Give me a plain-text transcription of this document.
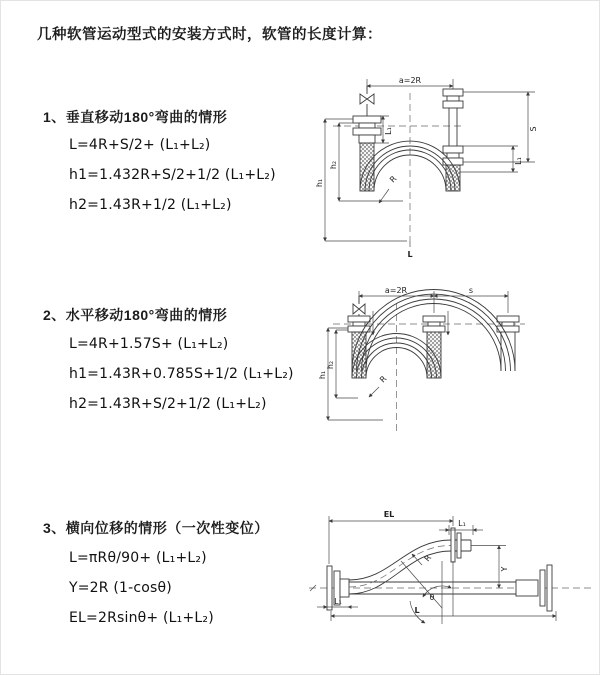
几种软管运动型式的安装方式时，软管的长度计算：
1、垂直移动180°弯曲的情形
L=4R+S/2+ (L₁+L₂)
h1=1.432R+S/2+1/2 (L₁+L₂)
h2=1.43R+1/2 (L₁+L₂)
2、水平移动180°弯曲的情形
L=4R+1.57S+ (L₁+L₂)
h1=1.43R+0.785S+1/2 (L₁+L₂)
h2=1.43R+S/2+1/2 (L₁+L₂)
3、横向位移的情形（一次性变位）
L=πRθ/90+ (L₁+L₂)
Y=2R (1-cosθ)
EL=2Rsinθ+ (L₁+L₂)
a=2R
R
h₁
h₂
L₁	S
L₁
L
a=2R	s
h₁
h₂
R
EL
L₁
Y
R
θ
L
L₁
